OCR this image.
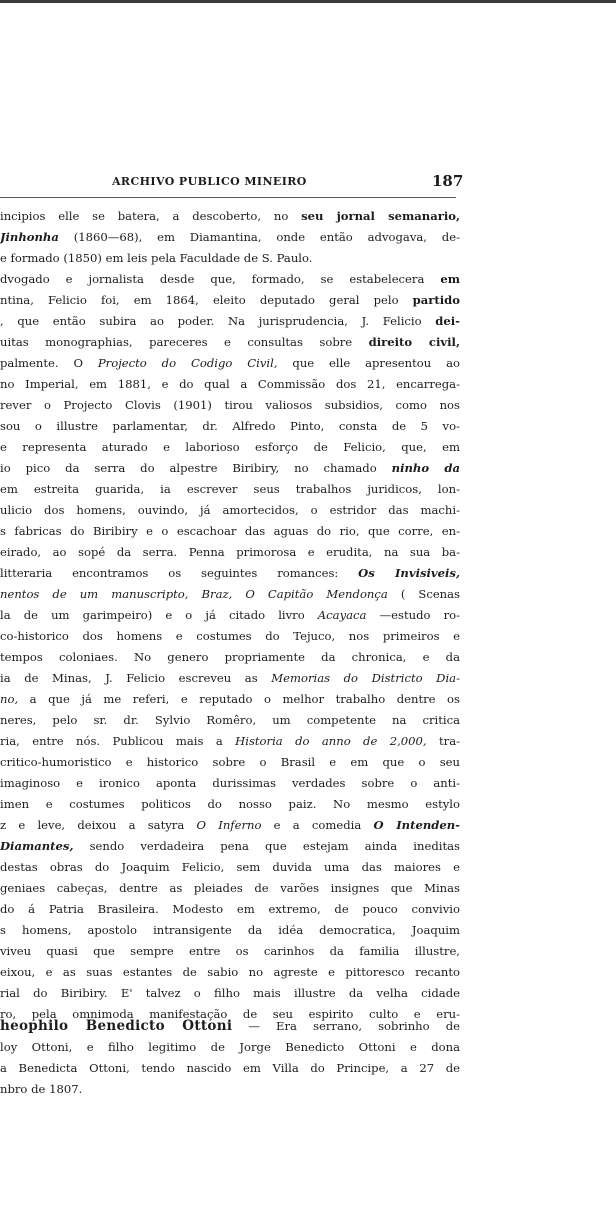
ARCHIVO PUBLICO MINEIRO	187
incipios elle se batera, a descoberto, no seu jornal semanario,
Jinhonha (1860—68), em Diamantina, onde então advogava, de-
e formado (1850) em leis pela Faculdade de S. Paulo.
dvogado e jornalista desde que, formado, se estabelecera em
ntina, Felicio foi, em 1864, eleito deputado geral pelo partido
, que então subira ao poder. Na jurisprudencia, J. Felicio dei-
uitas monographias, pareceres e consultas sobre direito civil,
palmente. O Projecto do Codigo Civil, que elle apresentou ao
no Imperial, em 1881, e do qual a Commissão dos 21, encarrega-
rever o Projecto Clovis (1901) tirou valiosos subsidios, como nos
sou o illustre parlamentar, dr. Alfredo Pinto, consta de 5 vo-
e representa aturado e laborioso esforço de Felicio, que, em
io pico da serra do alpestre Biribiry, no chamado ninho da
em estreita guarida, ia escrever seus trabalhos juridicos, lon-
ulicio dos homens, ouvindo, já amortecidos, o estridor das machi-
s fabricas do Biribiry e o escachoar das aguas do rio, que corre, en-
eirado, ao sopé da serra. Penna primorosa e erudita, na sua ba-
litteraria encontramos os seguintes romances: Os Invisiveis,
nentos de um manuscripto, Braz, O Capitão Mendonça ( Scenas
la de um garimpeiro) e o já citado livro Acayaca —estudo ro-
co-historico dos homens e costumes do Tejuco, nos primeiros e
tempos coloniaes. No genero propriamente da chronica, e da
ia de Minas, J. Felicio escreveu as Memorias do Districto Dia-
no, a que já me referi, e reputado o melhor trabalho dentre os
neres, pelo sr. dr. Sylvio Romêro, um competente na critica
ria, entre nós. Publicou mais a Historia do anno de 2,000, tra-
critico-humoristico e historico sobre o Brasil e em que o seu
imaginoso e ironico aponta durissimas verdades sobre o anti-
imen e costumes politicos do nosso paiz. No mesmo estylo
z e leve, deixou a satyra O Inferno e a comedia O Intenden-
Diamantes, sendo verdadeira pena que estejam ainda ineditas
destas obras do Joaquim Felicio, sem duvida uma das maiores e
geniaes cabeças, dentre as pleiades de varões insignes que Minas
do á Patria Brasileira. Modesto em extremo, de pouco convivio
s homens, apostolo intransigente da idéa democratica, Joaquim
viveu quasi que sempre entre os carinhos da familia illustre,
eixou, e as suas estantes de sabio no agreste e pittoresco recanto
rial do Biribiry. E' talvez o filho mais illustre da velha cidade
ro, pela omnimoda manifestação de seu espirito culto e eru-
heophilo Benedicto Ottoni — Era serrano, sobrinho de
loy Ottoni, e filho legitimo de Jorge Benedicto Ottoni e dona
a Benedicta Ottoni, tendo nascido em Villa do Principe, a 27 de
nbro de 1807.
